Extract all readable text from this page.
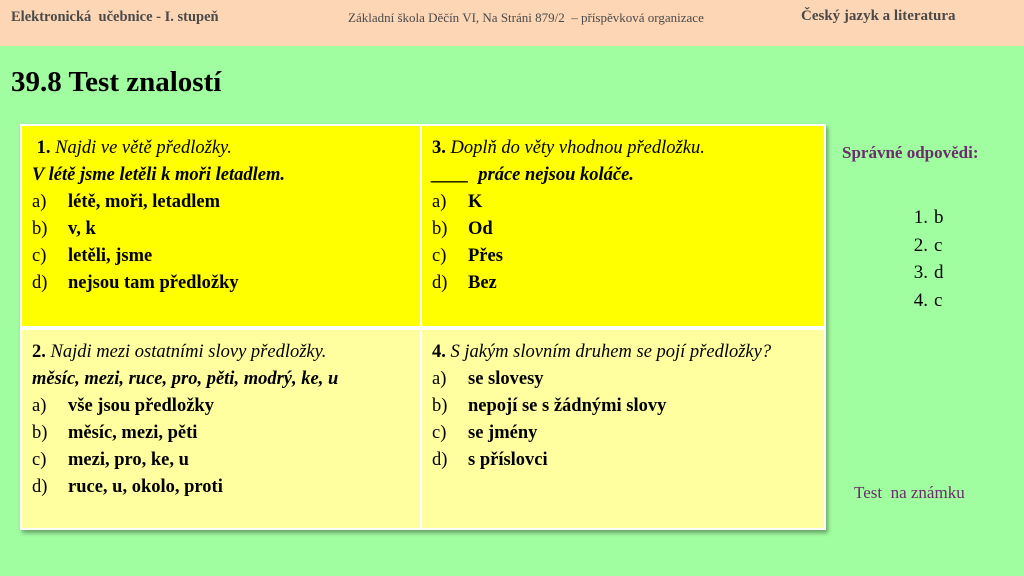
Elektronická  učebnice - I. stupeň	Základní škola Děčín VI, Na Stráni 879/2  – příspěvková organizace	Český jazyk a literatura
39.8 Test znalostí
1. Najdi ve větě předložky.
V létě jsme letěli k moři letadlem.
a)	létě, moři, letadlem
b)	v, k
c)	letěli, jsme
d)	nejsou tam předložky
3. Doplň do věty vhodnou předložku.
____  práce nejsou koláče.
a)	K
b)	Od
c)	Přes
d)	Bez
2. Najdi mezi ostatními slovy předložky.
měsíc, mezi, ruce, pro, pěti, modrý, ke, u
a)	vše jsou předložky
b)	měsíc, mezi, pěti
c)	mezi, pro, ke, u
d)	ruce, u, okolo, proti
4. S jakým slovním druhem se pojí předložky?
a)	se slovesy
b)	nepojí se s žádnými slovy
c)	se jmény
d)	s příslovci
Správné odpovědi:
1. b
2. c
3. d
4. c
Test  na známku
